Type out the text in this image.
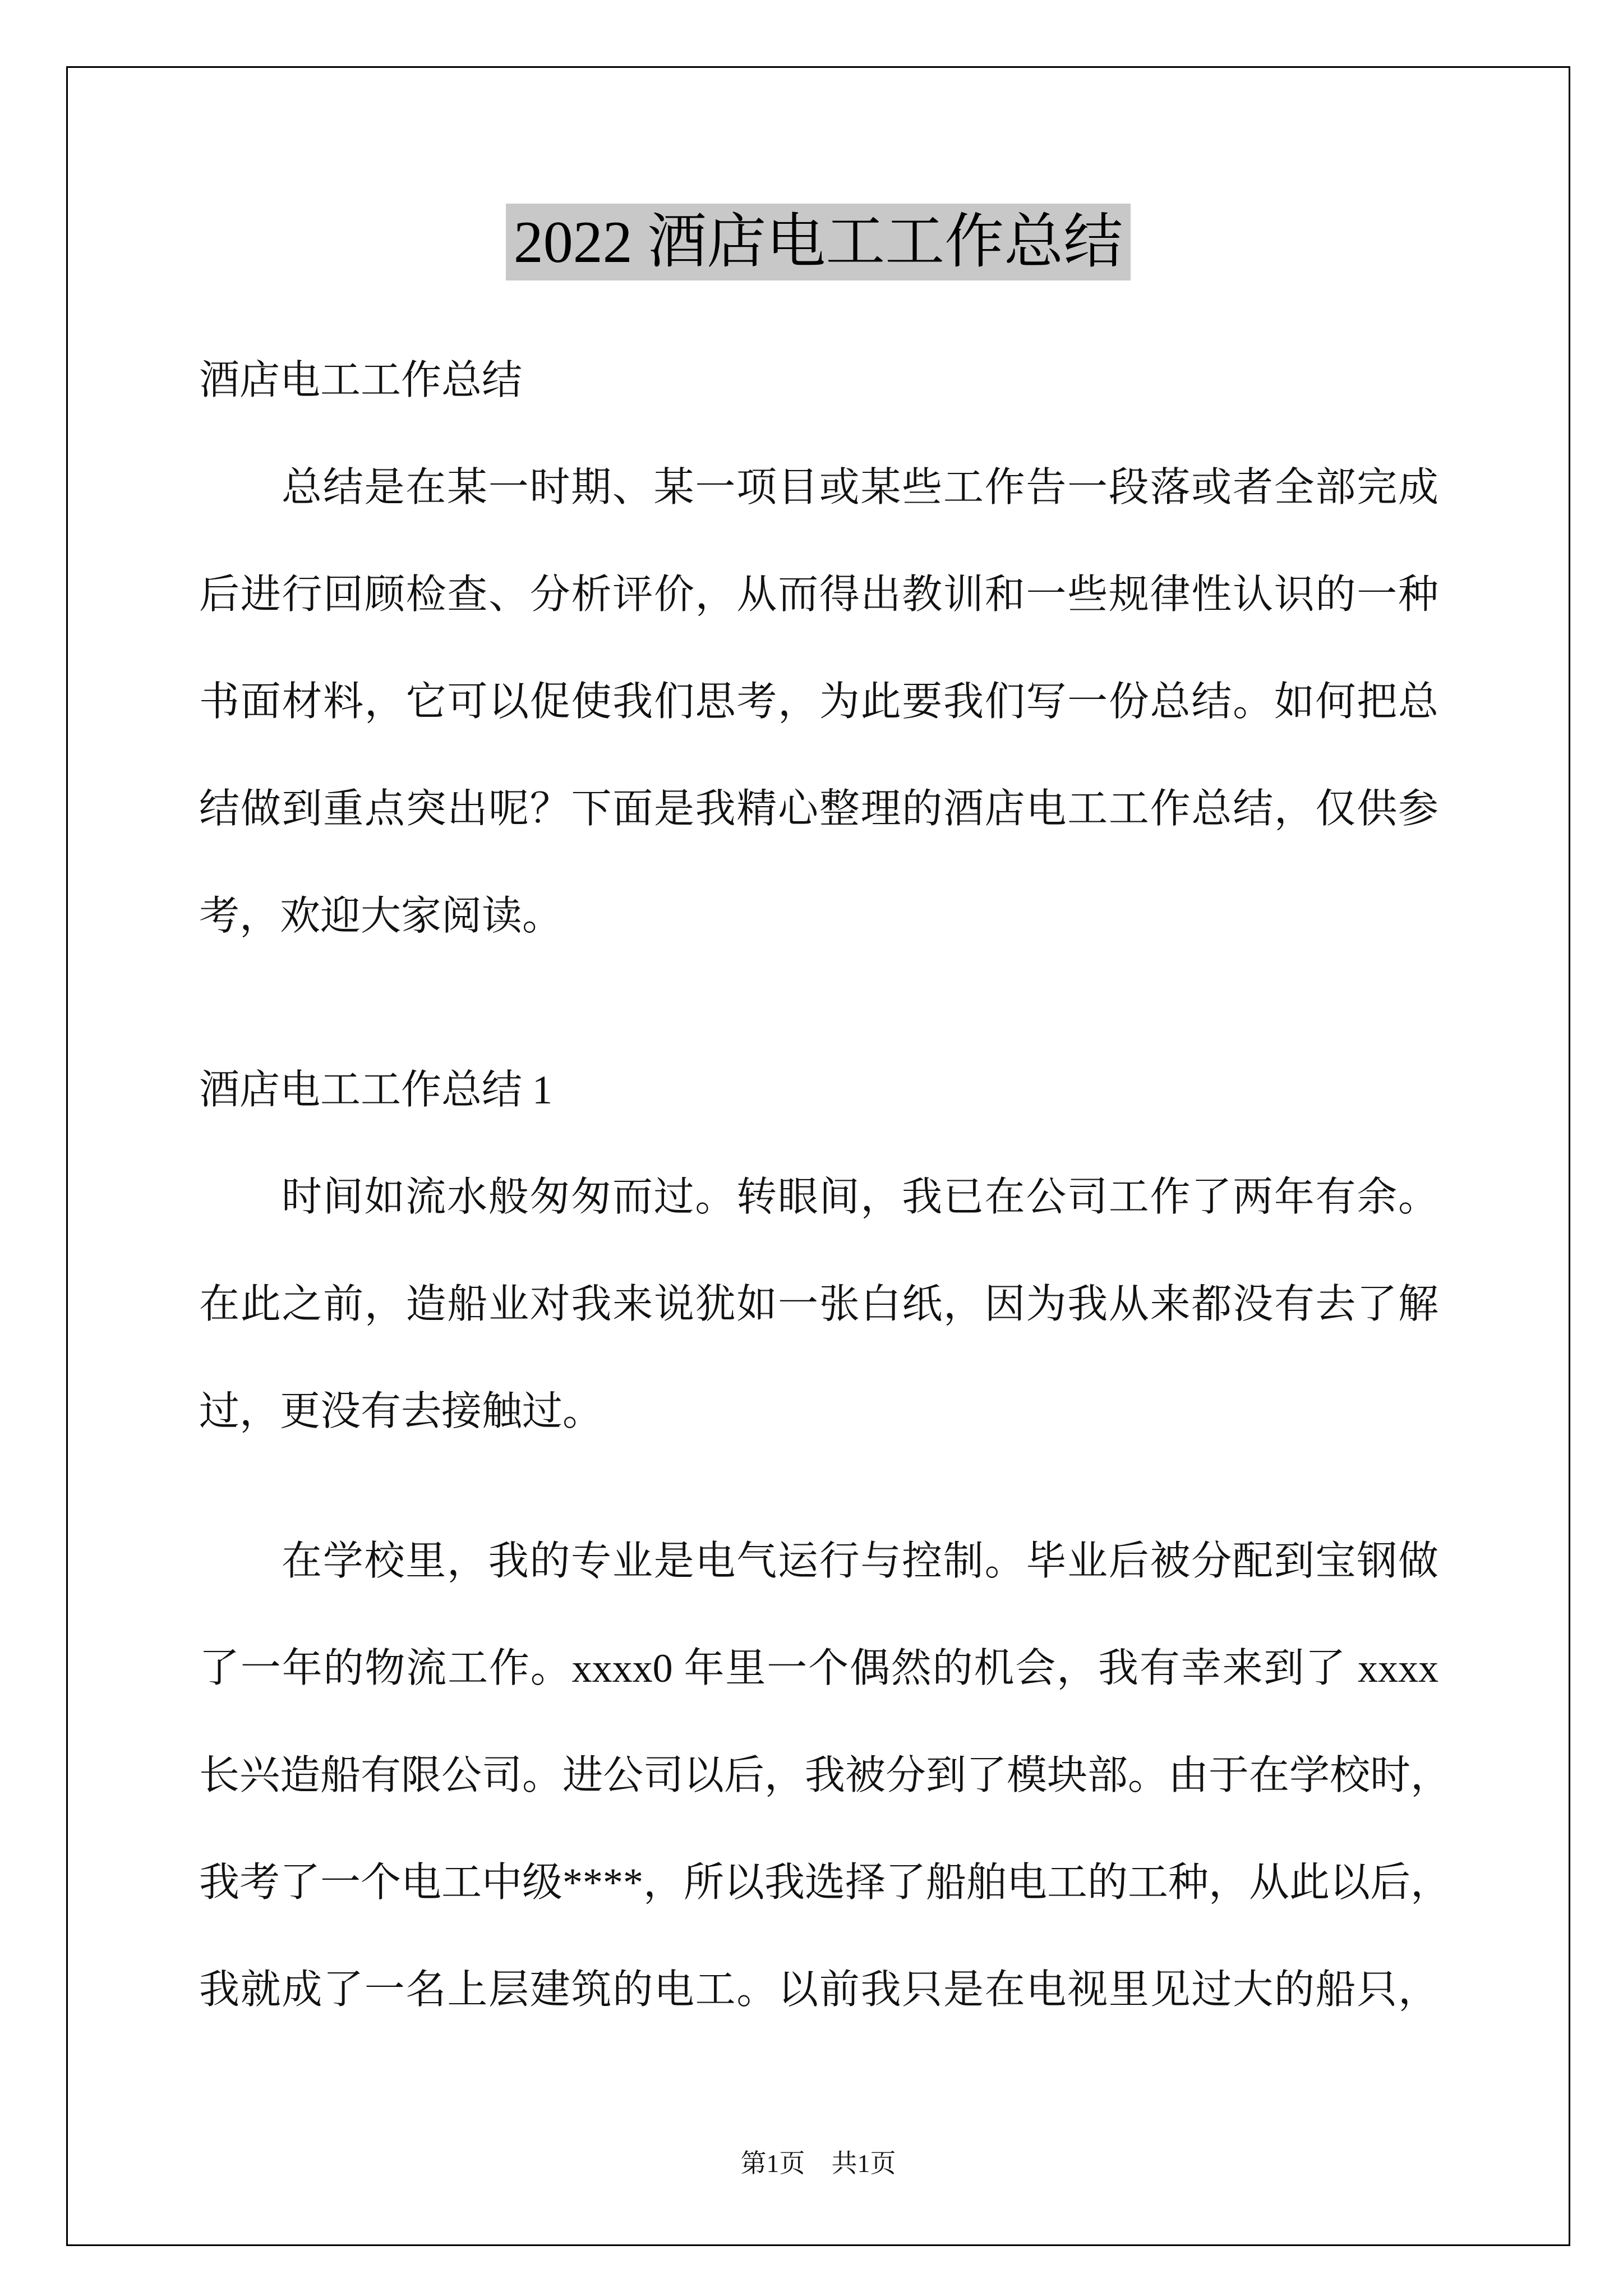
2022 酒店电工工作总结
酒店电工工作总结
总结是在某一时期、某一项目或某些工作告一段落或者全部完成
后进行回顾检查、分析评价，从而得出教训和一些规律性认识的一种
书面材料，它可以促使我们思考，为此要我们写一份总结。如何把总
结做到重点突出呢？下面是我精心整理的酒店电工工作总结，仅供参
考，欢迎大家阅读。
酒店电工工作总结 1
时间如流水般匆匆而过。转眼间，我已在公司工作了两年有余。
在此之前，造船业对我来说犹如一张白纸，因为我从来都没有去了解
过，更没有去接触过。
在学校里，我的专业是电气运行与控制。毕业后被分配到宝钢做
了一年的物流工作。xxxx0 年里一个偶然的机会，我有幸来到了 xxxx
长兴造船有限公司。进公司以后，我被分到了模块部。由于在学校时，
我考了一个电工中级****，所以我选择了船舶电工的工种，从此以后，
我就成了一名上层建筑的电工。以前我只是在电视里见过大的船只，
第1页 共1页
